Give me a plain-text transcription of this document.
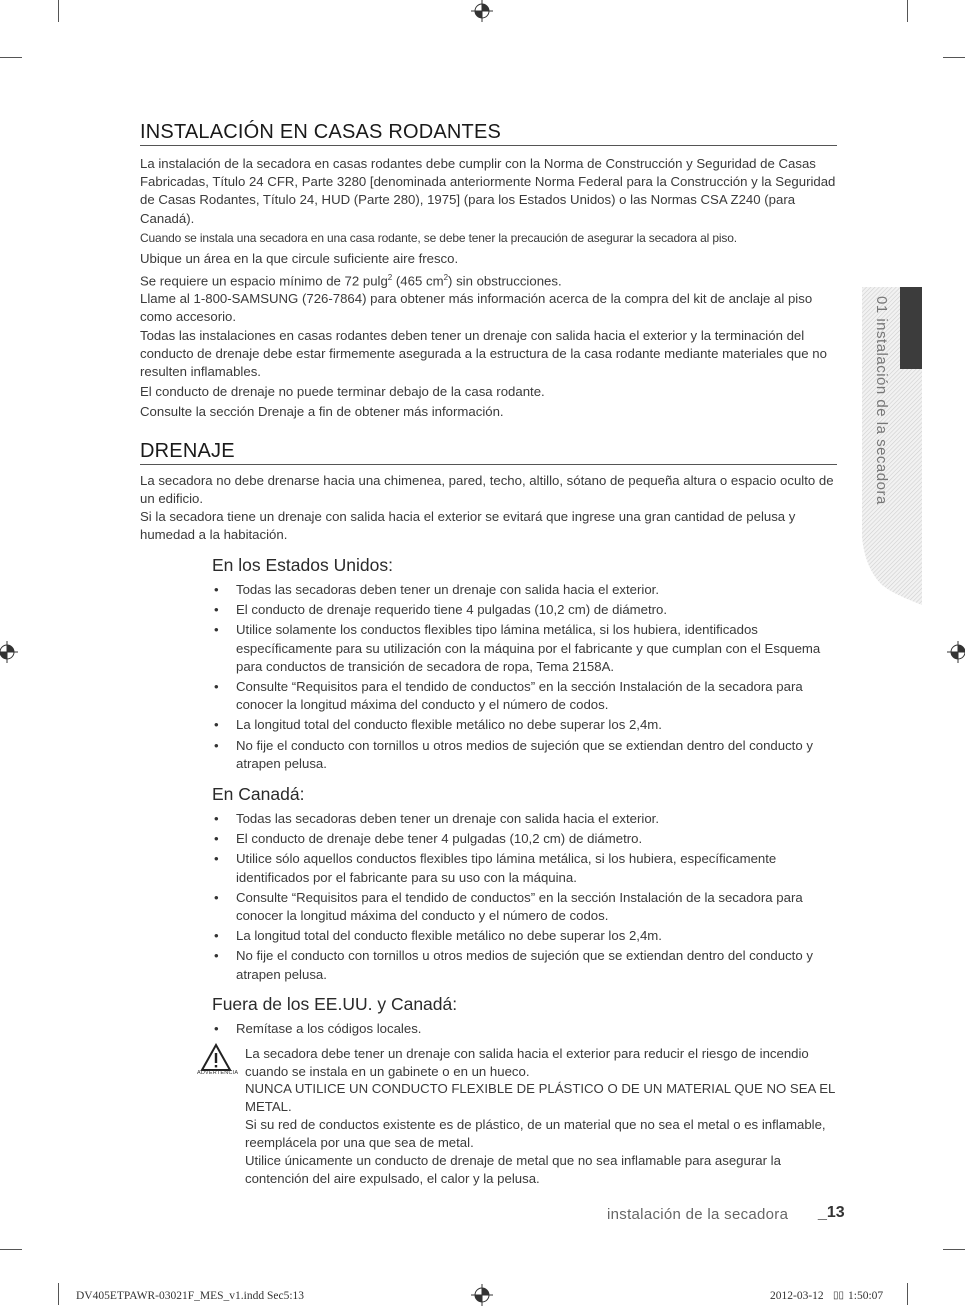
INSTALACIÓN EN CASAS RODANTES

La instalación de la secadora en casas rodantes debe cumplir con la Norma de Construcción y Seguridad de Casas Fabricadas, Título 24 CFR, Parte 3280 [denominada anteriormente Norma Federal para la Construcción y la Seguridad de Casas Rodantes, Título 24, HUD (Parte 280), 1975] (para los Estados Unidos) o las Normas CSA Z240 (para Canadá).

Cuando se instala una secadora en una casa rodante, se debe tener la precaución de asegurar la secadora al piso.

Ubique un área en la que circule suficiente aire fresco.

Se requiere un espacio mínimo de 72 pulg$^2$ (465 $cm^2$) sin obstrucciones.

Llame al 1-800-SAMSUNG (726-7864) para obtener más información acerca de la compra del kit de anclaje al piso como accesorio.

Todas las instalaciones en casas rodantes deben tener un drenaje con salida hacia el exterior y la terminación del conducto de drenaje debe estar firmemente asegurada a la estructura de la casa rodante mediante materiales que no resulten inflamables.

El conducto de drenaje no puede terminar debajo de la casa rodante.

Consulte la sección Drenaje a fin de obtener más información.

DRENAJE

La secadora no debe drenarse hacia una chimenea, pared, techo, altillo, sótano de pequeña altura o espacio oculto de un edificio.

Si la secadora tiene un drenaje con salida hacia el exterior se evitará que ingrese una gran cantidad de pelusa y humedad a la habitación.

En los Estados Unidos:
• Todas las secadoras deben tener un drenaje con salida hacia el exterior.
• El conducto de drenaje requerido tiene 4 pulgadas (10,2 cm) de diámetro.
• Utilice solamente los conductos flexibles tipo lámina metálica, si los hubiera, identificados específicamente para su utilización con la máquina por el fabricante y que cumplan con el Esquema para conductos de transición de secadora de ropa, Tema 2158A.
• Consulte “Requisitos para el tendido de conductos” en la sección Instalación de la secadora para conocer la longitud máxima del conducto y el número de codos.
• La longitud total del conducto flexible metálico no debe superar los 2,4m.
• No fije el conducto con tornillos u otros medios de sujeción que se extiendan dentro del conducto y atrapen pelusa.
En Canadá:
• Todas las secadoras deben tener un drenaje con salida hacia el exterior.
• El conducto de drenaje debe tener 4 pulgadas (10,2 cm) de diámetro.
• Utilice sólo aquellos conductos flexibles tipo lámina metálica, si los hubiera, específicamente identificados por el fabricante para su uso con la máquina.
• Consulte “Requisitos para el tendido de conductos” en la sección Instalación de la secadora para conocer la longitud máxima del conducto y el número de codos.
• La longitud total del conducto flexible metálico no debe superar los 2,4m.
• No fije el conducto con tornillos u otros medios de sujeción que se extiendan dentro del conducto y atrapen pelusa.
Fuera de los EE.UU. y Canadá:
• Remítase a los códigos locales.
ADVERTENCIA

La secadora debe tener un drenaje con salida hacia el exterior para reducir el riesgo de incendio cuando se instala en un gabinete o en un hueco.

NUNCA UTILICE UN CONDUCTO FLEXIBLE DE PLÁSTICO O DE UN MATERIAL QUE NO SEA EL METAL.

Si su red de conductos existente es de plástico, de un material que no sea el metal o es inflamable, reemplácela por una que sea de metal.

Utilice únicamente un conducto de drenaje de metal que no sea inflamable para asegurar la contención del aire expulsado, el calor y la pelusa.

01 instalación de la secadora
instalación de la secadora _13
DV405ETPAWR-03021F_MES_v1.indd Sec5:13	2012-03-12 ▯▯ 1:50:07
